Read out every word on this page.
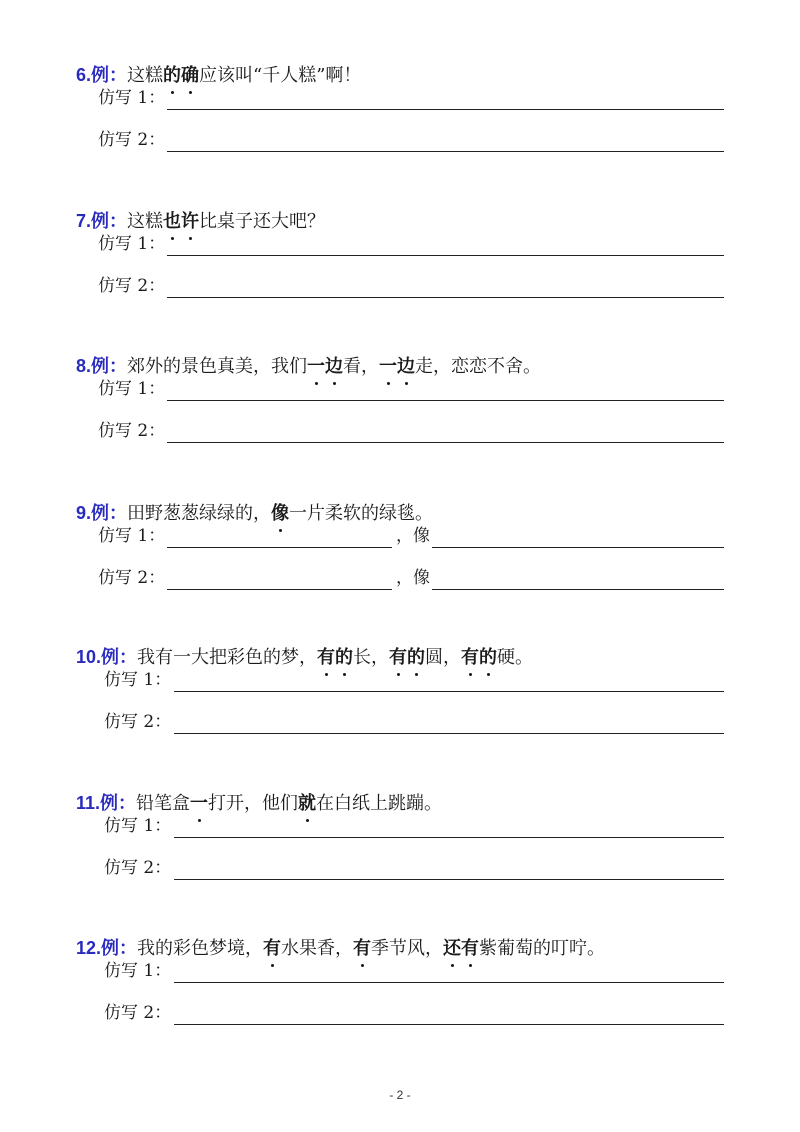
6.例：这糕的
确
应该叫“千人糕”啊！
仿写 1：
仿写 2：
7.例：这糕也
许
比桌子还大吧？
仿写 1：
仿写 2：
8.例：郊外的景色真美，我们一
边
看，一
边
走，恋恋不舍。
仿写 1：
仿写 2：
9.例：田野葱葱绿绿的，像
一片柔软的绿毯。
仿写 1：	，像
仿写 2：	，像
10.例：我有一大把彩色的梦，有
的
长，有
的
圆，有
的
硬。
仿写 1：
仿写 2：
11.例：铅笔盒一
打开，他们就
在白纸上跳蹦。
仿写 1：
仿写 2：
12.例：我的彩色梦境，有
水果香，有
季节风，还
有
紫葡萄的叮咛。
仿写 1：
仿写 2：
- 2 -
